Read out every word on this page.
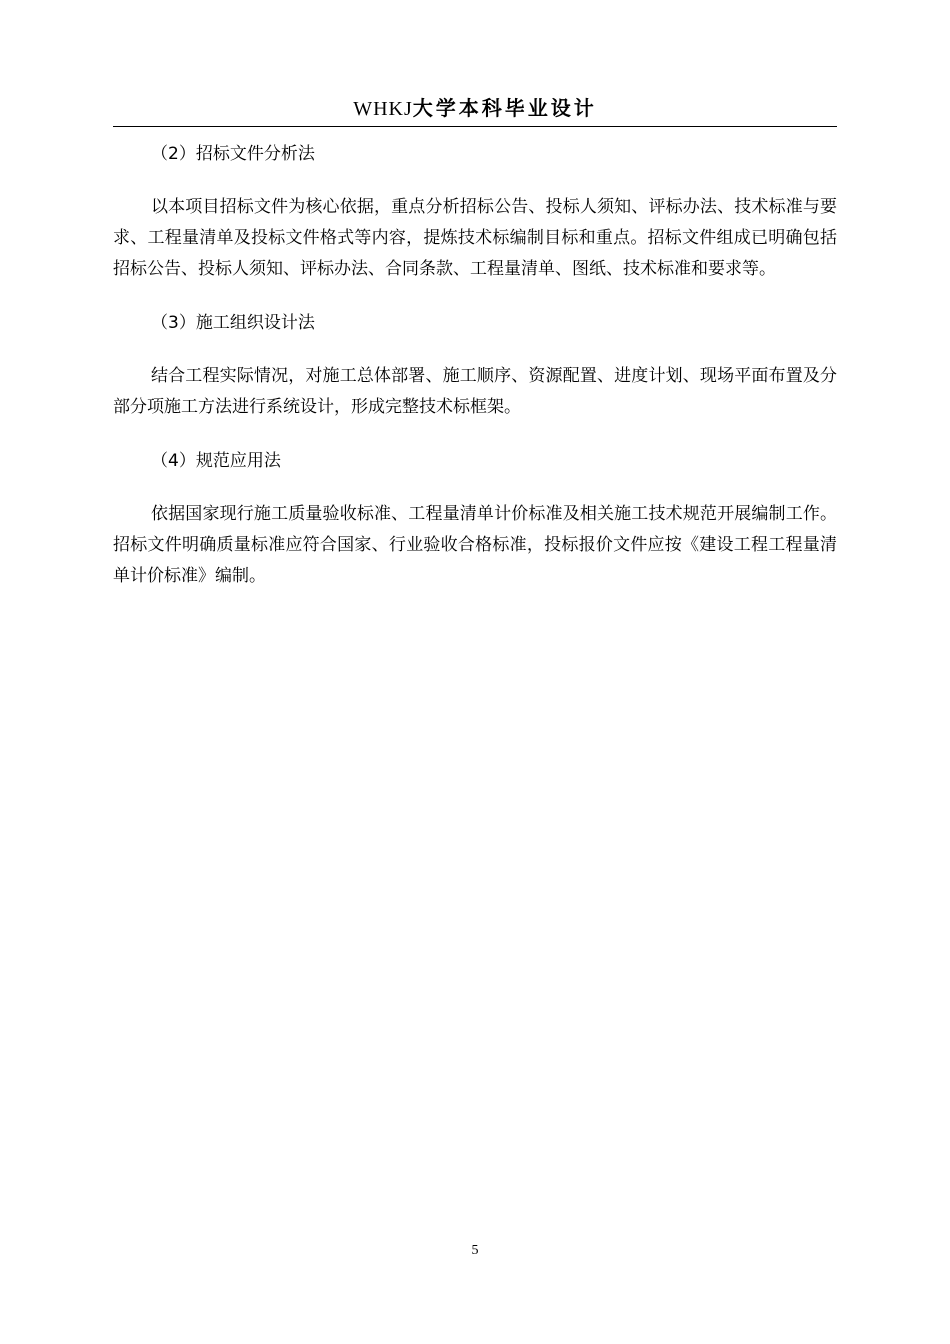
WHKJ大学本科毕业设计

（2）招标文件分析法

以本项目招标文件为核心依据，重点分析招标公告、投标人须知、评标办法、技术标准与要求、工程量清单及投标文件格式等内容，提炼技术标编制目标和重点。招标文件组成已明确包括招标公告、投标人须知、评标办法、合同条款、工程量清单、图纸、技术标准和要求等。

（3）施工组织设计法

结合工程实际情况，对施工总体部署、施工顺序、资源配置、进度计划、现场平面布置及分部分项施工方法进行系统设计，形成完整技术标框架。

（4）规范应用法

依据国家现行施工质量验收标准、工程量清单计价标准及相关施工技术规范开展编制工作。招标文件明确质量标准应符合国家、行业验收合格标准，投标报价文件应按《建设工程工程量清单计价标准》编制。

5
